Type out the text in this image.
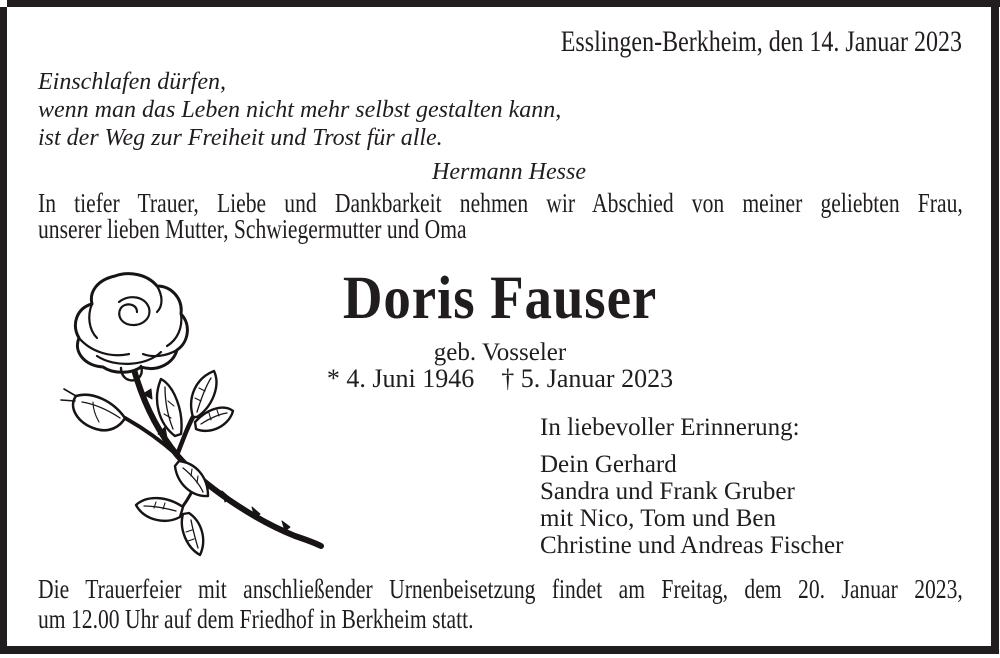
Esslingen-Berkheim, den 14. Januar 2023
Einschlafen dürfen,
wenn man das Leben nicht mehr selbst gestalten kann,
ist der Weg zur Freiheit und Trost für alle.
Hermann Hesse
In tiefer Trauer, Liebe und Dankbarkeit nehmen wir Abschied von meiner geliebten Frau,
unserer lieben Mutter, Schwiegermutter und Oma
Doris Fauser
geb. Vosseler
* 4. Juni 1946 † 5. Januar 2023
In liebevoller Erinnerung:
Dein Gerhard
Sandra und Frank Gruber
mit Nico, Tom und Ben
Christine und Andreas Fischer
Die Trauerfeier mit anschließender Urnenbeisetzung findet am Freitag, dem 20. Januar 2023,
um 12.00 Uhr auf dem Friedhof in Berkheim statt.
